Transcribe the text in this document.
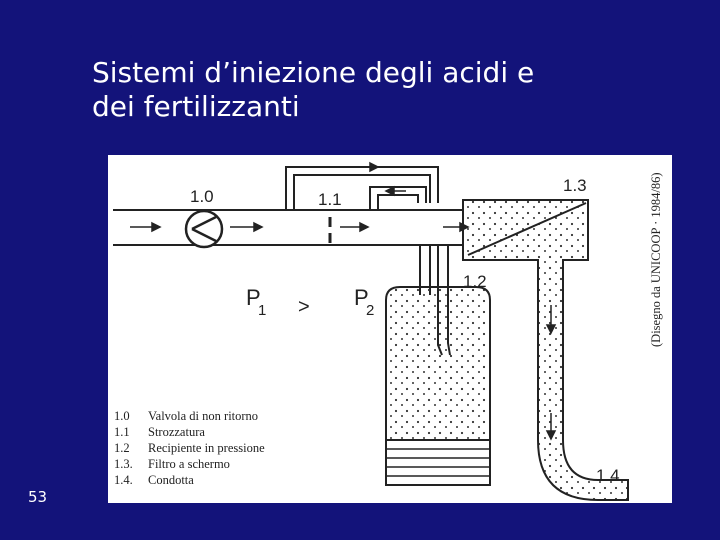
Sistemi d’iniezione degli acidi e
dei fertilizzanti
1.0	1.1
1.2
1.3
1.4
P
1 > P
2	(Disegno da UNICOOP · 1984/86)
1.0 Valvola di non ritorno
1.1 Strozzatura
1.2 Recipiente in pressione
1.3. Filtro a schermo
1.4. Condotta
53
